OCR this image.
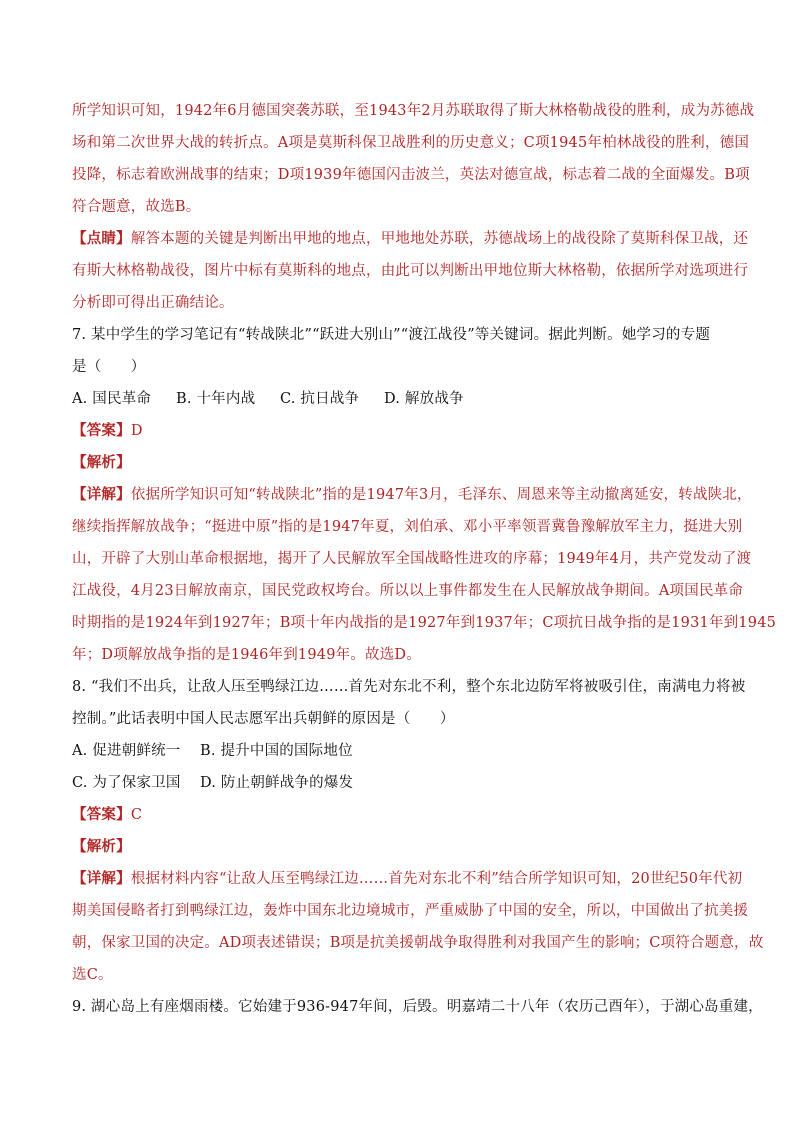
所学知识可知，1942年6月德国突袭苏联，至1943年2月苏联取得了斯大林格勒战役的胜利，成为苏德战
场和第二次世界大战的转折点。A项是莫斯科保卫战胜利的历史意义；C项1945年柏林战役的胜利，德国
投降，标志着欧洲战事的结束；D项1939年德国闪击波兰，英法对德宣战，标志着二战的全面爆发。B项
符合题意，故选B。
【点睛】解答本题的关键是判断出甲地的地点，甲地地处苏联，苏德战场上的战役除了莫斯科保卫战，还
有斯大林格勒战役，图片中标有莫斯科的地点，由此可以判断出甲地位斯大林格勒，依据所学对选项进行
分析即可得出正确结论。
7. 某中学生的学习笔记有“转战陕北”“跃进大别山”“渡江战役”等关键词。据此判断。她学习的专题
是（　　）
A. 国民革命 B. 十年内战 C. 抗日战争 D. 解放战争
【答案】D
【解析】
【详解】依据所学知识可知“转战陕北”指的是1947年3月，毛泽东、周恩来等主动撤离延安，转战陕北，
继续指挥解放战争；“挺进中原”指的是1947年夏，刘伯承、邓小平率领晋冀鲁豫解放军主力，挺进大别
山，开辟了大别山革命根据地，揭开了人民解放军全国战略性进攻的序幕；1949年4月，共产党发动了渡
江战役，4月23日解放南京，国民党政权垮台。所以以上事件都发生在人民解放战争期间。A项国民革命
时期指的是1924年到1927年；B项十年内战指的是1927年到1937年；C项抗日战争指的是1931年到1945
年；D项解放战争指的是1946年到1949年。故选D。
8. “我们不出兵，让敌人压至鸭绿江边……首先对东北不利，整个东北边防军将被吸引住，南满电力将被
控制。”此话表明中国人民志愿军出兵朝鲜的原因是（　　）
A. 促进朝鲜统一 B. 提升中国的国际地位
C. 为了保家卫国 D. 防止朝鲜战争的爆发
【答案】C
【解析】
【详解】根据材料内容“让敌人压至鸭绿江边……首先对东北不利”结合所学知识可知，20世纪50年代初
期美国侵略者打到鸭绿江边，轰炸中国东北边境城市，严重威胁了中国的安全，所以，中国做出了抗美援
朝，保家卫国的决定。AD项表述错误；B项是抗美援朝战争取得胜利对我国产生的影响；C项符合题意，故
选C。
9. 湖心岛上有座烟雨楼。它始建于936-947年间，后毁。明嘉靖二十八年（农历己酉年），于湖心岛重建，
